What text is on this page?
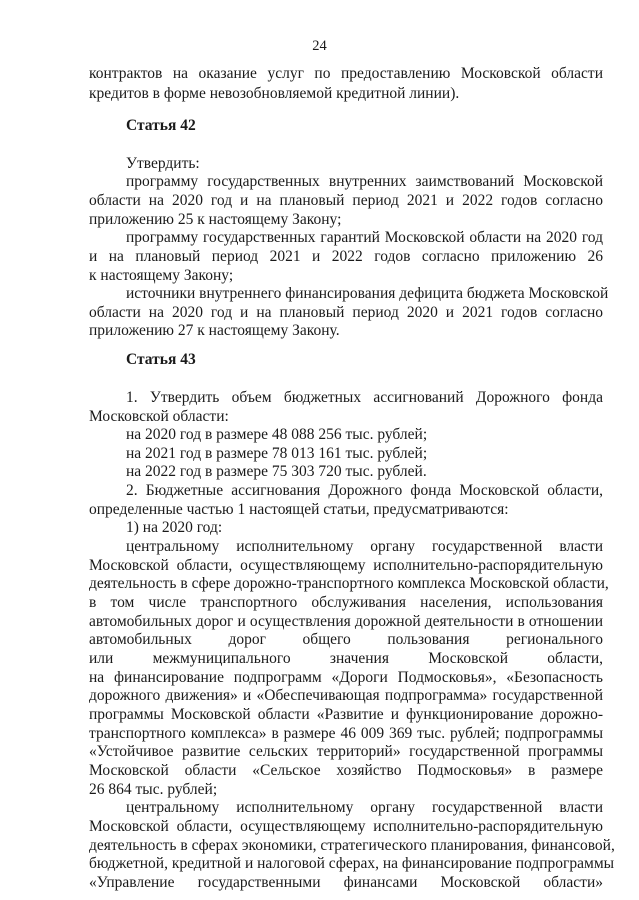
24
контрактов на оказание услуг по предоставлению Московской области
кредитов в форме невозобновляемой кредитной линии).
Статья 42
Утвердить:
программу государственных внутренних заимствований Московской
области на 2020 год и на плановый период 2021 и 2022 годов согласно
приложению 25 к настоящему Закону;
программу государственных гарантий Московской области на 2020 год
и на плановый период 2021 и 2022 годов согласно приложению 26
к настоящему Закону;
источники внутреннего финансирования дефицита бюджета Московской
области на 2020 год и на плановый период 2020 и 2021 годов согласно
приложению 27 к настоящему Закону.
Статья 43
1. Утвердить объем бюджетных ассигнований Дорожного фонда
Московской области:
на 2020 год в размере 48 088 256 тыс. рублей;
на 2021 год в размере 78 013 161 тыс. рублей;
на 2022 год в размере 75 303 720 тыс. рублей.
2. Бюджетные ассигнования Дорожного фонда Московской области,
определенные частью 1 настоящей статьи, предусматриваются:
1) на 2020 год:
центральному исполнительному органу государственной власти
Московской области, осуществляющему исполнительно-распорядительную
деятельность в сфере дорожно-транспортного комплекса Московской области,
в том числе транспортного обслуживания населения, использования
автомобильных дорог и осуществления дорожной деятельности в отношении
автомобильных дорог общего пользования регионального
или межмуниципального значения Московской области,
на финансирование подпрограмм «Дороги Подмосковья», «Безопасность
дорожного движения» и «Обеспечивающая подпрограмма» государственной
программы Московской области «Развитие и функционирование дорожно-
транспортного комплекса» в размере 46 009 369 тыс. рублей; подпрограммы
«Устойчивое развитие сельских территорий» государственной программы
Московской области «Сельское хозяйство Подмосковья» в размере
26 864 тыс. рублей;
центральному исполнительному органу государственной власти
Московской области, осуществляющему исполнительно-распорядительную
деятельность в сферах экономики, стратегического планирования, финансовой,
бюджетной, кредитной и налоговой сферах, на финансирование подпрограммы
«Управление государственными финансами Московской области»
